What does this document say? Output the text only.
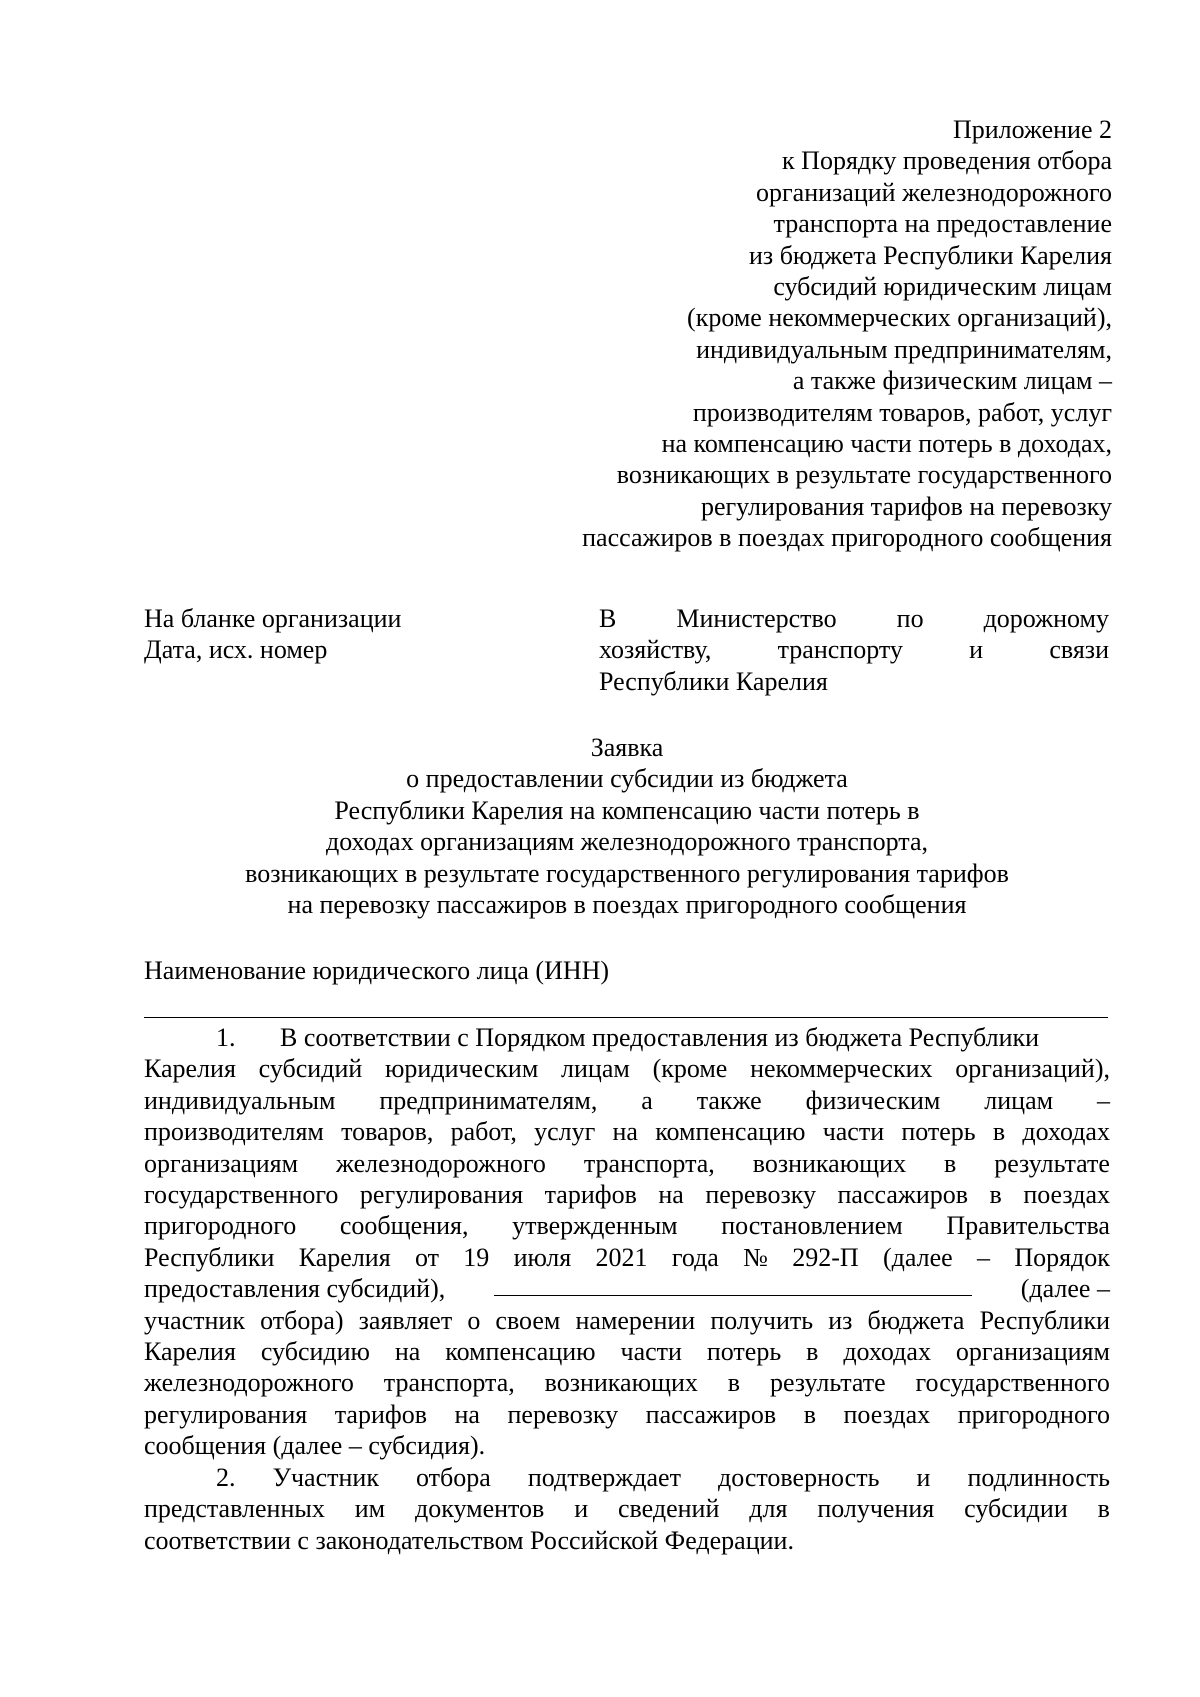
Приложение 2
к Порядку проведения отбора
организаций железнодорожного
транспорта на предоставление
из бюджета Республики Карелия
субсидий юридическим лицам
(кроме некоммерческих организаций),
индивидуальным предпринимателям,
а также физическим лицам –
производителям товаров, работ, услуг
на компенсацию части потерь в доходах,
возникающих в результате государственного
регулирования тарифов на перевозку
пассажиров в поездах пригородного сообщения
На бланке организации
Дата, исх. номер
В Министерство по дорожному
хозяйству,	транспорту	и	связи
Республики Карелия
Заявка
о предоставлении субсидии из бюджета
Республики Карелия на компенсацию части потерь в
доходах организациям железнодорожного транспорта,
возникающих в результате государственного регулирования тарифов
на перевозку пассажиров в поездах пригородного сообщения
Наименование юридического лица (ИНН)
1.	В соответствии с Порядком предоставления из бюджета Республики
Карелия субсидий юридическим лицам (кроме некоммерческих организаций),
индивидуальным предпринимателям, а также физическим лицам –
производителям товаров, работ, услуг на компенсацию части потерь в доходах
организациям железнодорожного транспорта, возникающих в результате
государственного регулирования тарифов на перевозку пассажиров в поездах
пригородного сообщения, утвержденным постановлением Правительства
Республики Карелия от 19 июля 2021 года № 292-П (далее – Порядок
предоставления субсидий),	(далее –
участник отбора) заявляет о своем намерении получить из бюджета Республики
Карелия субсидию на компенсацию части потерь в доходах организациям
железнодорожного транспорта, возникающих в результате государственного
регулирования тарифов на перевозку пассажиров в поездах пригородного
сообщения (далее – субсидия).
2. Участник отбора подтверждает достоверность и подлинность
представленных им документов и сведений для получения субсидии в
соответствии с законодательством Российской Федерации.
